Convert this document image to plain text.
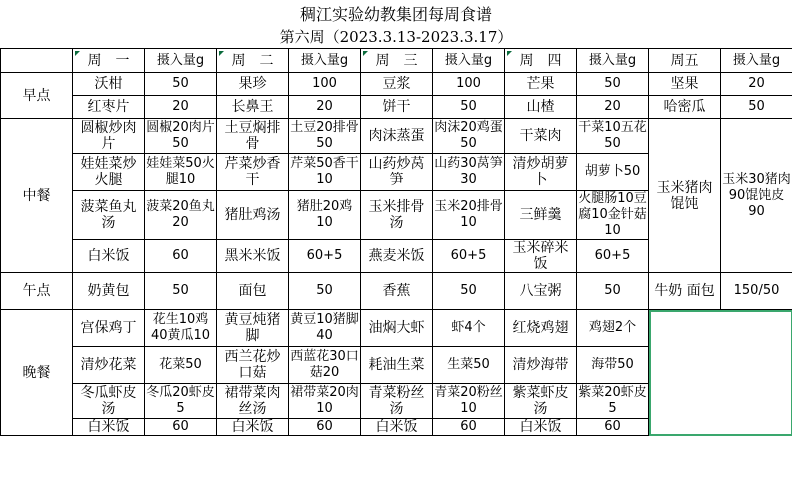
稠江实验幼教集团每周食谱
第六周（2023.3.13-2023.3.17）
	周　一	摄入量g	周　二	摄入量g	周　三	摄入量g	周　四	摄入量g	周五	摄入量g
早点	沃柑	50	果珍	100	豆浆	100	芒果	50	坚果	20
	红枣片	20	长鼻王	20	饼干	50	山楂	20	哈密瓜	50
中餐	圆椒炒肉片	圆椒20肉片50	土豆焖排骨	土豆20排骨50	肉沫蒸蛋	肉沫20鸡蛋50	干菜肉	干菜10五花50	玉米猪肉馄饨	玉米30猪肉90馄饨皮90
	娃娃菜炒火腿	娃娃菜50火腿10	芹菜炒香干	芹菜50香干10	山药炒莴笋	山药30莴笋30	清炒胡萝卜	胡萝卜50		
	菠菜鱼丸汤	菠菜20鱼丸20	猪肚鸡汤	猪肚20鸡10	玉米排骨汤	玉米20排骨10	三鲜羹	火腿肠10豆腐10金针菇10		
	白米饭	60	黑米米饭	60+5	燕麦米饭	60+5	玉米碎米饭	60+5		
午点	奶黄包	50	面包	50	香蕉	50	八宝粥	50	牛奶 面包	150/50
晚餐	宫保鸡丁	花生10鸡40黄瓜10	黄豆炖猪脚	黄豆10猪脚40	油焖大虾	虾4个	红烧鸡翅	鸡翅2个		
	清炒花菜	花菜50	西兰花炒口菇	西蓝花30口菇20	耗油生菜	生菜50	清炒海带	海带50		
	冬瓜虾皮汤	冬瓜20虾皮5	裙带菜肉丝汤	裙带菜20肉10	青菜粉丝汤	青菜20粉丝10	紫菜虾皮汤	紫菜20虾皮5		
	白米饭	60	白米饭	60	白米饭	60	白米饭	60		
